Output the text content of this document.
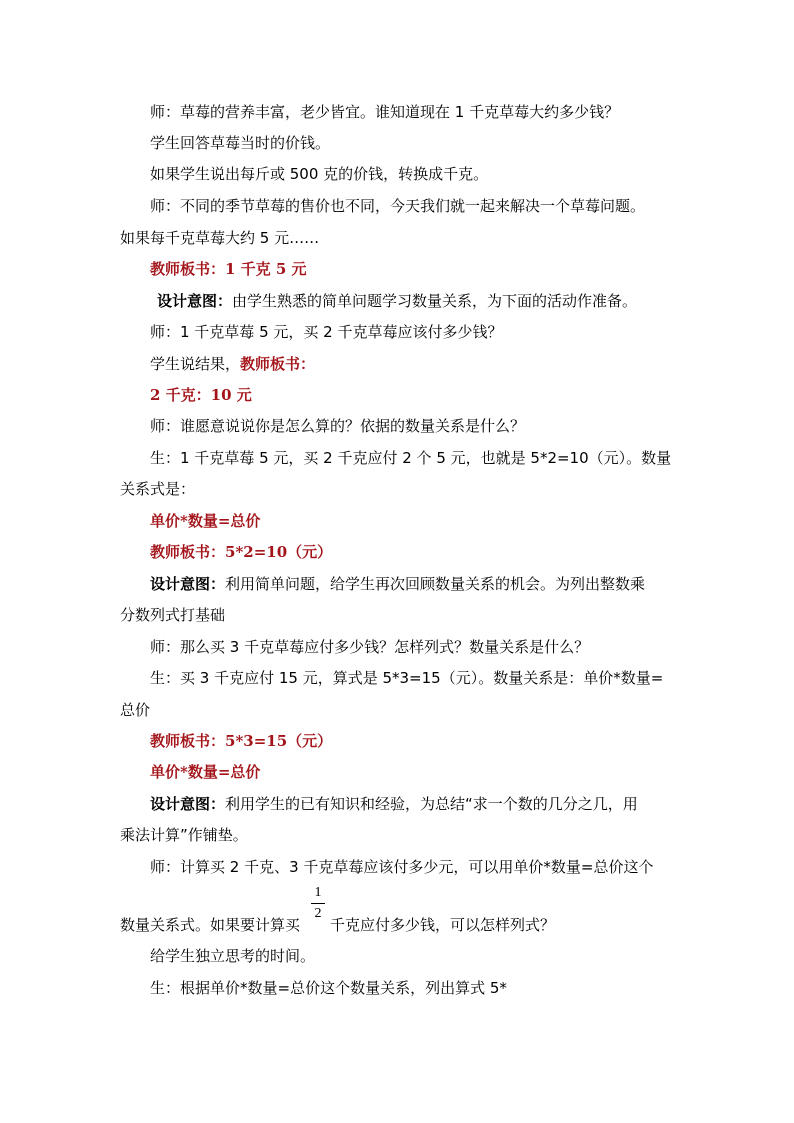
师：草莓的营养丰富，老少皆宜。谁知道现在 1 千克草莓大约多少钱？
学生回答草莓当时的价钱。
如果学生说出每斤或 500 克的价钱，转换成千克。
师：不同的季节草莓的售价也不同，今天我们就一起来解决一个草莓问题。
如果每千克草莓大约 5 元……
教师板书：1 千克 5 元
设计意图：由学生熟悉的简单问题学习数量关系，为下面的活动作准备。
师：1 千克草莓 5 元，买 2 千克草莓应该付多少钱？
学生说结果，教师板书：
2 千克：10 元
师：谁愿意说说你是怎么算的？依据的数量关系是什么？
生：1 千克草莓 5 元，买 2 千克应付 2 个 5 元，也就是 5*2=10（元）。数量
关系式是：
单价*数量=总价
教师板书：5*2=10（元）
设计意图：利用简单问题，给学生再次回顾数量关系的机会。为列出整数乘
分数列式打基础
师：那么买 3 千克草莓应付多少钱？怎样列式？数量关系是什么？
生：买 3 千克应付 15 元，算式是 5*3=15（元）。数量关系是：单价*数量=
总价
教师板书：5*3=15（元）
单价*数量=总价
设计意图：利用学生的已有知识和经验，为总结“求一个数的几分之几，用
乘法计算”作铺垫。
师：计算买 2 千克、3 千克草莓应该付多少元，可以用单价*数量=总价这个
数量关系式。如果要计算买
1
2
千克应付多少钱，可以怎样列式？
给学生独立思考的时间。
生：根据单价*数量=总价这个数量关系，列出算式 5*
